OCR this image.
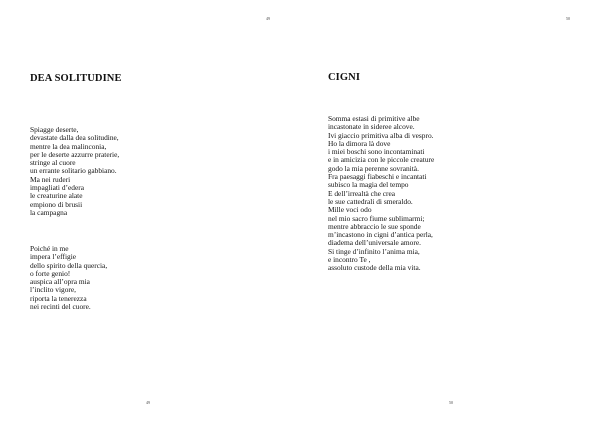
49
DEA SOLITUDINE

Spiagge deserte,
devastate dalla dea solitudine,
mentre la dea malinconia,
per le deserte azzurre praterie,
stringe al cuore
un errante solitario gabbiano.
Ma nei ruderi
impagliati d’edera
le creaturine alate
empiono di brusii
la campagna

Poiché in me
impera l’effigie
dello spirito della quercia,
o forte genio!
auspica all’opra mia
l’inclito vigore,
riporta la tenerezza
nei recinti del cuore.

49
50
CIGNI

Somma estasi di primitive albe
incastonate in sideree alcove.
Ivi giaccio primitiva alba di vespro.
Ho la dimora là dove
i miei boschi sono incontaminati
e in amicizia con le piccole creature
godo la mia perenne sovranità.
Fra paesaggi fiabeschi e incantati
subisco la magia del tempo
E dell’irrealtà che crea
le sue cattedrali di smeraldo.
Mille voci odo
nel mio sacro fiume sublimarmi;
mentre abbraccio le sue sponde
m’incastono in cigni d’antica perla,
diadema dell’universale amore.
Si tinge d’infinito l’anima mia,
e incontro Te ,
assoluto custode della mia vita.

50
